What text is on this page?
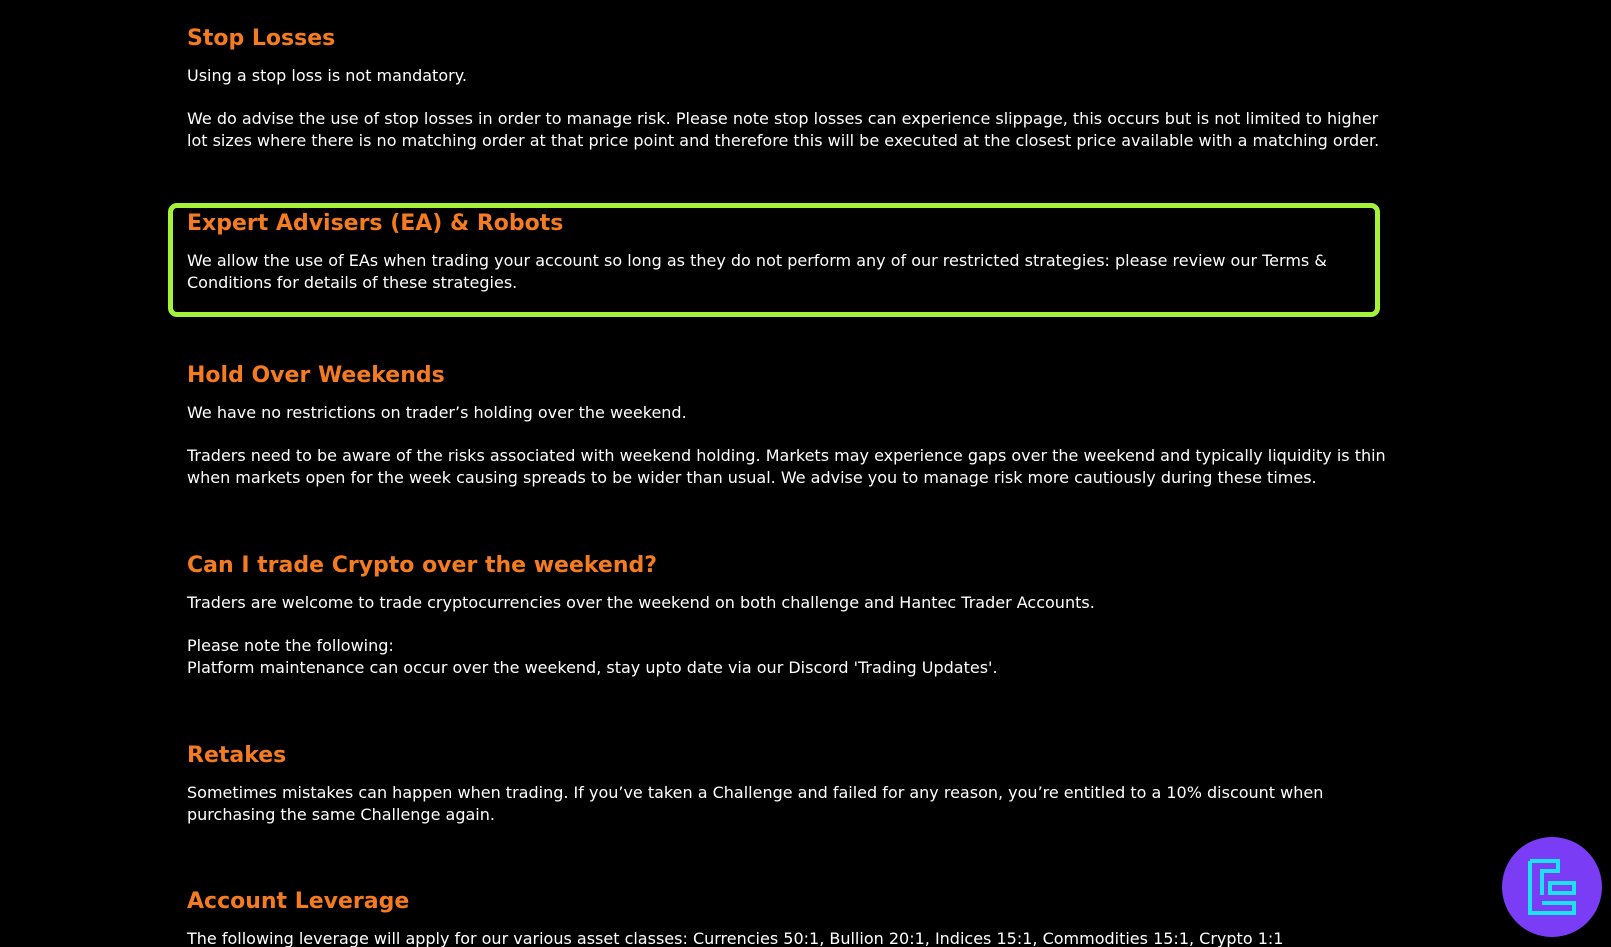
Stop Losses

Using a stop loss is not mandatory.

We do advise the use of stop losses in order to manage risk. Please note stop losses can experience slippage, this occurs but is not limited to higher lot sizes where there is no matching order at that price point and therefore this will be executed at the closest price available with a matching order.

Expert Advisers (EA) & Robots

We allow the use of EAs when trading your account so long as they do not perform any of our restricted strategies: please review our Terms & Conditions for details of these strategies.

Hold Over Weekends

We have no restrictions on trader’s holding over the weekend.

Traders need to be aware of the risks associated with weekend holding. Markets may experience gaps over the weekend and typically liquidity is thin when markets open for the week causing spreads to be wider than usual. We advise you to manage risk more cautiously during these times.

Can I trade Crypto over the weekend?

Traders are welcome to trade cryptocurrencies over the weekend on both challenge and Hantec Trader Accounts.

Please note the following:

Platform maintenance can occur over the weekend, stay upto date via our Discord 'Trading Updates'.

Retakes

Sometimes mistakes can happen when trading. If you’ve taken a Challenge and failed for any reason, you’re entitled to a 10% discount when purchasing the same Challenge again.

Account Leverage

The following leverage will apply for our various asset classes: Currencies 50:1, Bullion 20:1, Indices 15:1, Commodities 15:1, Crypto 1:1
